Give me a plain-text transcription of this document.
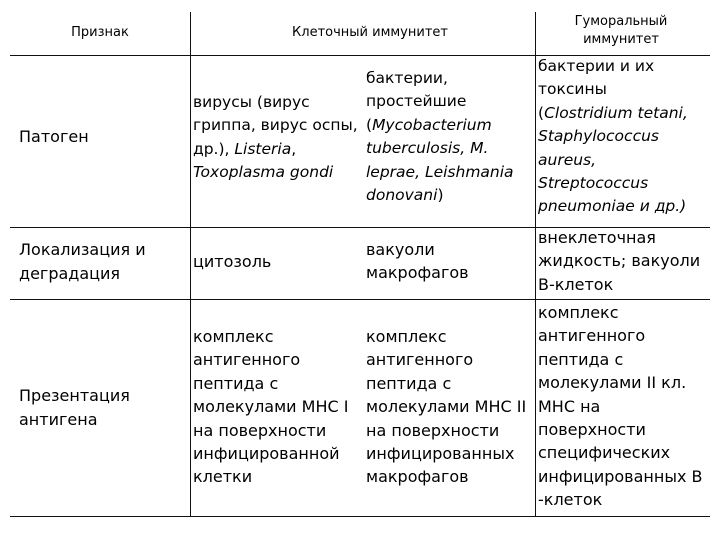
Признак	Клеточный иммунитет
Гуморальный
иммунитет
Патоген
вирусы (вирус
гриппа, вирус оспы,
др.), Listeria,
Toxoplasma gondi
бактерии,
простейшие
(Mycobacterium
tuberculosis, M.
leprae, Leishmania
donovani)
бактерии и их
токсины
(Clostridium tetani,
Staphylococcus
aureus,
Streptococcus
pneumoniae и др.)
Локализация и
деградация
цитозоль
вакуоли
макрофагов
внеклеточная
жидкость; вакуоли
В-клеток
Презентация
антигена
комплекс
антигенного
пептида с
молекулами MHC I
на поверхности
инфицированной
клетки
комплекс
антигенного
пептида с
молекулами MHC II
на поверхности
инфицированных
макрофагов
комплекс
антигенного
пептида с
молекулами II кл.
MHC на
поверхности
специфических
инфицированных В
-клеток
